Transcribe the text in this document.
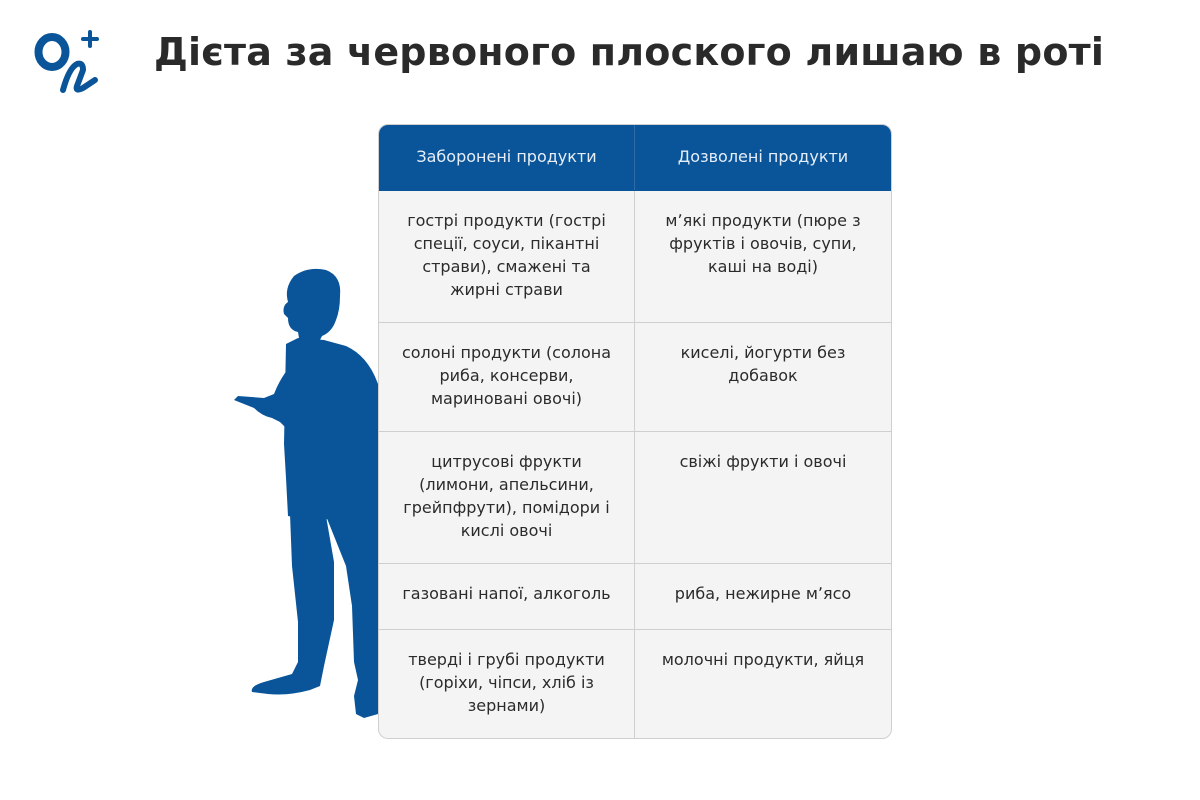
Дієта за червоного плоского лишаю в роті
Заборонені продукти	Дозволені продукти
гострі продукти (гострі спеції, соуси, пікантні страви), смажені та жирні страви
мʼякі продукти (пюре з фруктів і овочів, супи, каші на воді)
солоні продукти (солона риба, консерви, мариновані овочі)
киселі, йогурти без добавок
цитрусові фрукти (лимони, апельсини, грейпфрути), помідори і кислі овочі
свіжі фрукти і овочі
газовані напої, алкоголь	риба, нежирне мʼясо
тверді і грубі продукти (горіхи, чіпси, хліб із зернами)
молочні продукти, яйця
